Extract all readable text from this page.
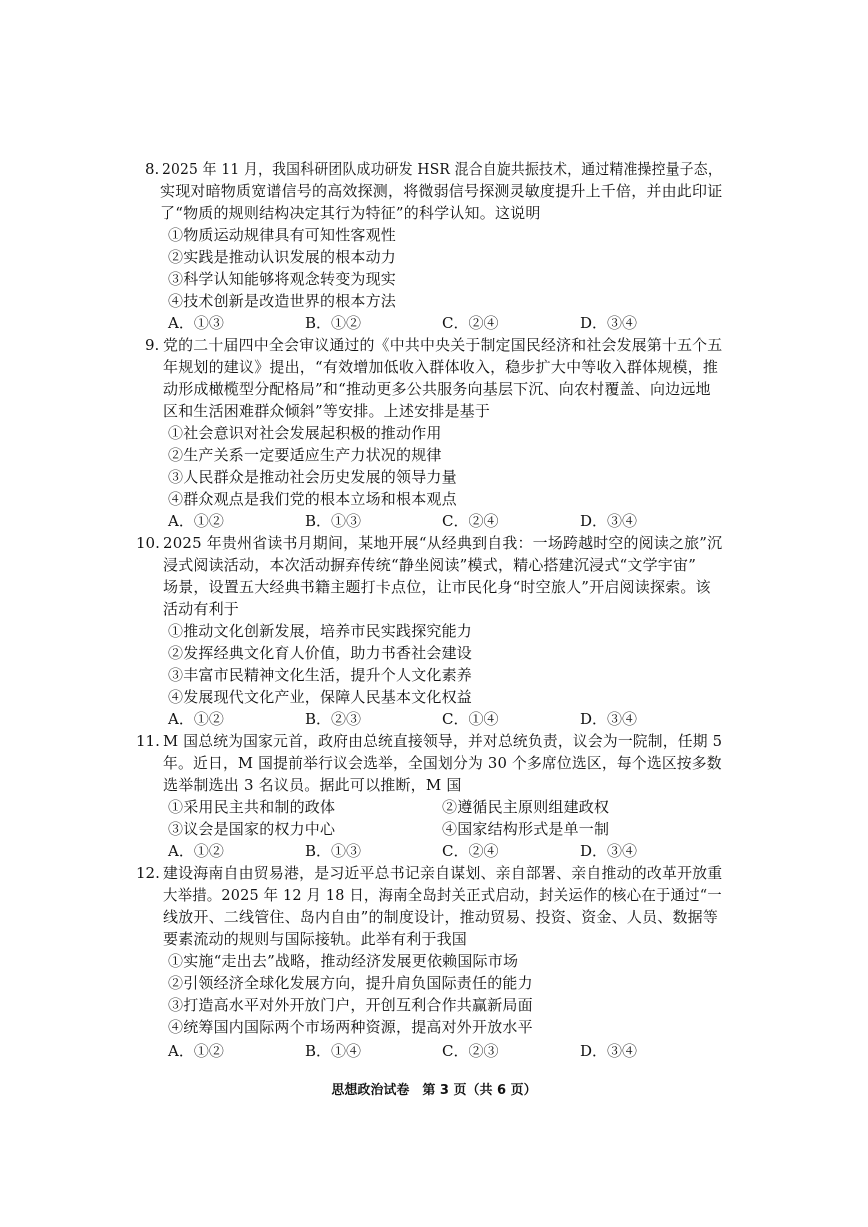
8. 2025 年 11 月，我国科研团队成功研发 HSR 混合自旋共振技术，通过精准操控量子态，
实现对暗物质宽谱信号的高效探测，将微弱信号探测灵敏度提升上千倍，并由此印证
了“物质的规则结构决定其行为特征”的科学认知。这说明
①物质运动规律具有可知性客观性
②实践是推动认识发展的根本动力
③科学认知能够将观念转变为现实
④技术创新是改造世界的根本方法
A．①③	B．①②	C．②④	D．③④
9. 党的二十届四中全会审议通过的《中共中央关于制定国民经济和社会发展第十五个五
年规划的建议》提出，“有效增加低收入群体收入，稳步扩大中等收入群体规模，推
动形成橄榄型分配格局”和“推动更多公共服务向基层下沉、向农村覆盖、向边远地
区和生活困难群众倾斜”等安排。上述安排是基于
①社会意识对社会发展起积极的推动作用
②生产关系一定要适应生产力状况的规律
③人民群众是推动社会历史发展的领导力量
④群众观点是我们党的根本立场和根本观点
A．①②	B．①③	C．②④	D．③④
10. 2025 年贵州省读书月期间，某地开展“从经典到自我：一场跨越时空的阅读之旅”沉
浸式阅读活动，本次活动摒弃传统“静坐阅读”模式，精心搭建沉浸式“文学宇宙”
场景，设置五大经典书籍主题打卡点位，让市民化身“时空旅人”开启阅读探索。该
活动有利于
①推动文化创新发展，培养市民实践探究能力
②发挥经典文化育人价值，助力书香社会建设
③丰富市民精神文化生活，提升个人文化素养
④发展现代文化产业，保障人民基本文化权益
A．①②	B．②③	C．①④	D．③④
11. M 国总统为国家元首，政府由总统直接领导，并对总统负责，议会为一院制，任期 5
年。近日，M 国提前举行议会选举，全国划分为 30 个多席位选区，每个选区按多数
选举制选出 3 名议员。据此可以推断，M 国
①采用民主共和制的政体	②遵循民主原则组建政权
③议会是国家的权力中心	④国家结构形式是单一制
A．①②	B．①③	C．②④	D．③④
12. 建设海南自由贸易港，是习近平总书记亲自谋划、亲自部署、亲自推动的改革开放重
大举措。2025 年 12 月 18 日，海南全岛封关正式启动，封关运作的核心在于通过“一
线放开、二线管住、岛内自由”的制度设计，推动贸易、投资、资金、人员、数据等
要素流动的规则与国际接轨。此举有利于我国
①实施“走出去”战略，推动经济发展更依赖国际市场
②引领经济全球化发展方向，提升肩负国际责任的能力
③打造高水平对外开放门户，开创互利合作共赢新局面
④统筹国内国际两个市场两种资源，提高对外开放水平
A．①②	B．①④	C．②③	D．③④
思想政治试卷　第 3 页（共 6 页）
